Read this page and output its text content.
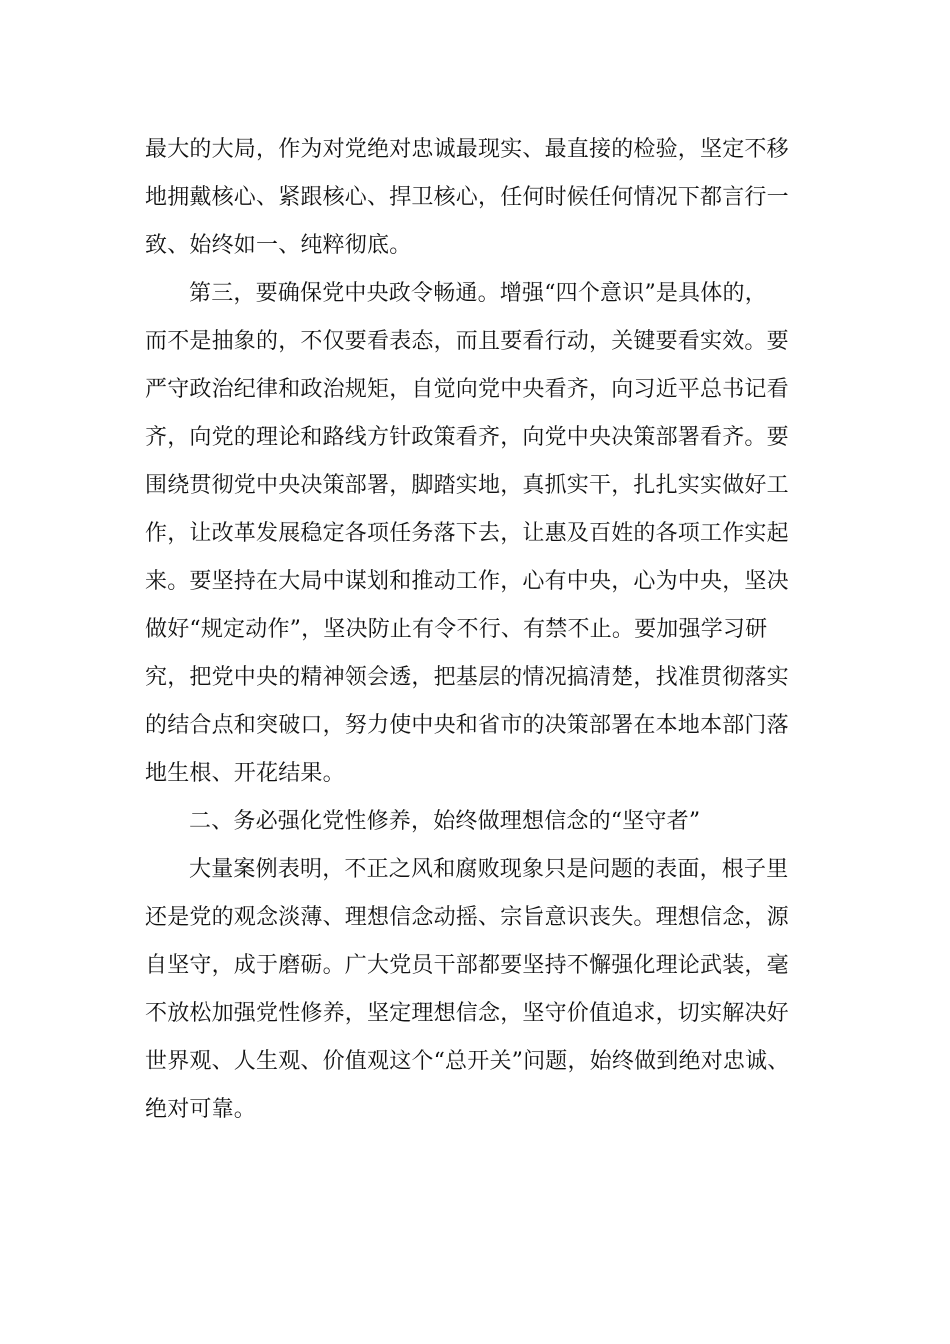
最大的大局，作为对党绝对忠诚最现实、最直接的检验，坚定不移
地拥戴核心、紧跟核心、捍卫核心，任何时候任何情况下都言行一
致、始终如一、纯粹彻底。
第三，要确保党中央政令畅通。增强“四个意识”是具体的，
而不是抽象的，不仅要看表态，而且要看行动，关键要看实效。要
严守政治纪律和政治规矩，自觉向党中央看齐，向习近平总书记看
齐，向党的理论和路线方针政策看齐，向党中央决策部署看齐。要
围绕贯彻党中央决策部署，脚踏实地，真抓实干，扎扎实实做好工
作，让改革发展稳定各项任务落下去，让惠及百姓的各项工作实起
来。要坚持在大局中谋划和推动工作，心有中央，心为中央，坚决
做好“规定动作”，坚决防止有令不行、有禁不止。要加强学习研
究，把党中央的精神领会透，把基层的情况搞清楚，找准贯彻落实
的结合点和突破口，努力使中央和省市的决策部署在本地本部门落
地生根、开花结果。
二、务必强化党性修养，始终做理想信念的“坚守者”
大量案例表明，不正之风和腐败现象只是问题的表面，根子里
还是党的观念淡薄、理想信念动摇、宗旨意识丧失。理想信念，源
自坚守，成于磨砺。广大党员干部都要坚持不懈强化理论武装，毫
不放松加强党性修养，坚定理想信念，坚守价值追求，切实解决好
世界观、人生观、价值观这个“总开关”问题，始终做到绝对忠诚、
绝对可靠。
